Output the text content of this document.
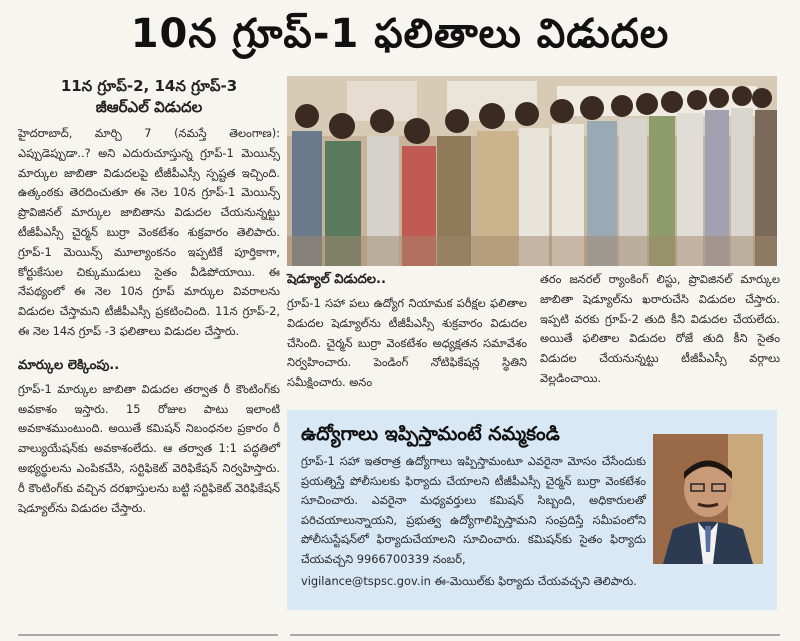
10న గ్రూప్‌-1 ఫలితాలు విడుదల
11న గ్రూప్‌-2, 14న గ్రూప్‌-3
జీఆర్‌ఎల్‌ విడుదల

హైదరాబాద్‌, మార్చి 7 (నమస్తే తెలంగాణ): ఎప్పుడెప్పుడా..? అని ఎదురుచూస్తున్న గ్రూప్‌-1 మెయిన్స్‌ మార్కుల జాబితా విడుదలపై టీజీపీఎస్సీ స్పష్టత ఇచ్చింది. ఉత్కంఠకు తెరదించుతూ ఈ నెల 10న గ్రూప్‌-1 మెయిన్స్‌ ప్రొవిజినల్‌ మార్కుల జాబితాను విడుదల చేయనున్నట్టు టీజీపీఎస్సీ చైర్మన్‌ బుర్రా వెంకటేశం శుక్రవారం తెలిపారు. గ్రూప్‌-1 మెయిన్స్‌ మూల్యాంకనం ఇప్పటికే పూర్తికాగా, కోర్టుకేసుల చిక్కుముడులు సైతం వీడిపోయాయి. ఈ నేపథ్యంలో ఈ నెల 10న గ్రూప్‌ మార్కుల వివరాలను విడుదల చేస్తామని టీజీపీఎస్సీ ప్రకటించింది. 11న గ్రూప్‌-2, ఈ నెల 14న గ్రూప్‌ -3 ఫలితాలు విడుదల చేస్తారు.

మార్కుల లెక్కింపు..

గ్రూప్‌-1 మార్కుల జాబితా విడుదల తర్వాత రీ కౌంటింగ్‌కు అవకాశం ఇస్తారు. 15 రోజుల పాటు ఇలాంటి అవకాశముంటుంది. అయితే కమిషన్‌ నిబంధనల ప్రకారం రీ వాల్యుయేషన్‌కు అవకాశంలేదు. ఆ తర్వాత 1:1 పద్ధతిలో అభ్యర్థులను ఎంపికచేసి, సర్టిఫికెట్‌ వెరిఫికేషన్‌ నిర్వహిస్తారు. రీ కౌంటింగ్‌కు వచ్చిన దరఖాస్తులను బట్టి సర్టిఫికెట్‌ వెరిఫికేషన్‌ షెడ్యూల్‌ను విడుదల చేస్తారు.

షెడ్యూల్‌ విడుదల..

గ్రూప్‌-1 సహా పలు ఉద్యోగ నియామక పరీక్షల ఫలితాల విడుదల షెడ్యూల్‌ను టీజీపీఎస్సీ శుక్రవారం విడుదల చేసింది. చైర్మన్‌ బుర్రా వెంకటేశం అధ్యక్షతన సమావేశం నిర్వహించారు. పెండింగ్‌ నోటిఫికేషన్ల స్థితిని సమీక్షించారు. అనం

తరం జనరల్‌ ర్యాంకింగ్‌ లిస్టు, ప్రొవిజినల్‌ మార్కుల జాబితా షెడ్యూల్‌ను ఖరారుచేసి విడుదల చేస్తారు. ఇప్పటి వరకు గ్రూప్‌-2 తుది కీని విడుదల చేయలేదు. అయితే ఫలితాల విడుదల రోజే తుది కీని సైతం విడుదల చేయనున్నట్టు టీజీపీఎస్సీ వర్గాలు వెల్లడించాయి.

ఉద్యోగాలు ఇప్పిస్తామంటే నమ్మకండి

గ్రూప్‌-1 సహా ఇతరాత్ర ఉద్యోగాలు ఇప్పిస్తామంటూ ఎవరైనా మోసం చేసేందుకు ప్రయత్నిస్తే పోలీసులకు ఫిర్యాదు చేయాలని టీజీపీఎస్సీ చైర్మన్‌ బుర్రా వెంకటేశం సూచించారు. ఎవరైనా మధ్యవర్తులు కమిషన్‌ సిబ్బంది, అధికారులతో పరిచయాలున్నాయని, ప్రభుత్వ ఉద్యోగాలిప్పిస్తామని సంప్రదిస్తే సమీపంలోని పోలీసుస్టేషన్‌లో ఫిర్యాదుచేయాలని సూచించారు. కమిషన్‌కు సైతం ఫిర్యాదు చేయవచ్చని 9966700339 నంబర్‌,

vigilance@tspsc.gov.in ఈ-మెయిల్‌కు ఫిర్యాదు చేయవచ్చని తెలిపారు.
